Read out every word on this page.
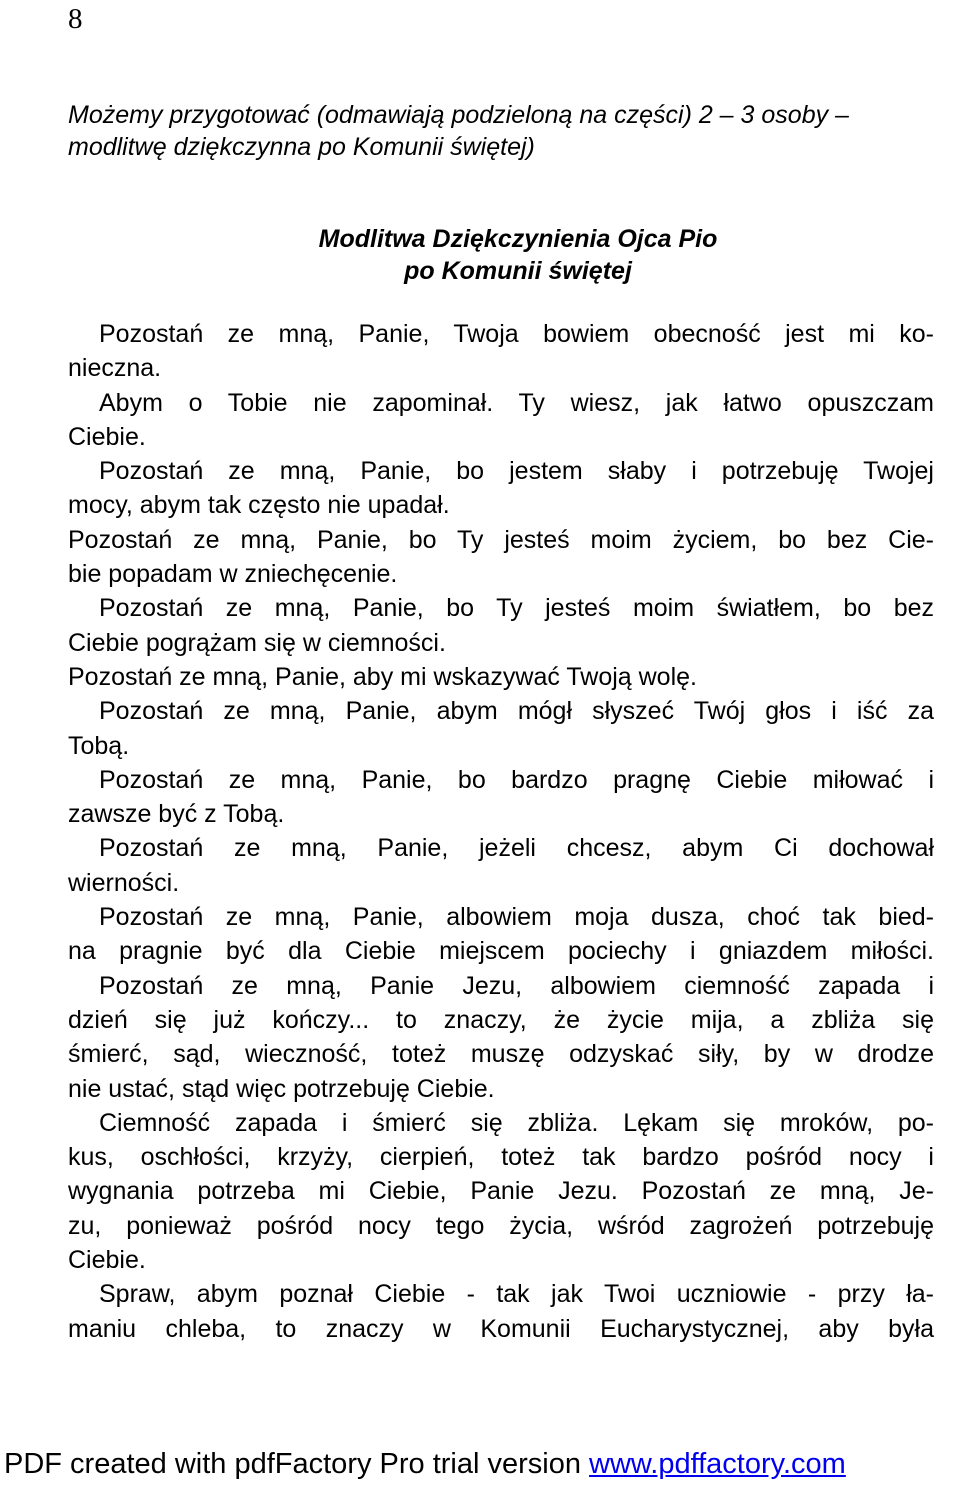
8

Możemy przygotować (odmawiają podzieloną na części) 2 – 3 osoby –
modlitwę dziękczynna po Komunii świętej)

Modlitwa Dziękczynienia Ojca Pio
po Komunii świętej
Pozostań ze mną, Panie, Twoja bowiem obecność jest mi ko-
nieczna.
Abym o Tobie nie zapominał. Ty wiesz, jak łatwo opuszczam
Ciebie.
Pozostań ze mną, Panie, bo jestem słaby i potrzebuję Twojej
mocy, abym tak często nie upadał.
Pozostań ze mną, Panie, bo Ty jesteś moim życiem, bo bez Cie-
bie popadam w zniechęcenie.
Pozostań ze mną, Panie, bo Ty jesteś moim światłem, bo bez
Ciebie pogrążam się w ciemności.
Pozostań ze mną, Panie, aby mi wskazywać Twoją wolę.
Pozostań ze mną, Panie, abym mógł słyszeć Twój głos i iść za
Tobą.
Pozostań ze mną, Panie, bo bardzo pragnę Ciebie miłować i
zawsze być z Tobą.
Pozostań ze mną, Panie, jeżeli chcesz, abym Ci dochował
wierności.
Pozostań ze mną, Panie, albowiem moja dusza, choć tak bied-
na pragnie być dla Ciebie miejscem pociechy i gniazdem miłości.
Pozostań ze mną, Panie Jezu, albowiem ciemność zapada i
dzień się już kończy... to znaczy, że życie mija, a zbliża się
śmierć, sąd, wieczność, toteż muszę odzyskać siły, by w drodze
nie ustać, stąd więc potrzebuję Ciebie.
Ciemność zapada i śmierć się zbliża. Lękam się mroków, po-
kus, oschłości, krzyży, cierpień, toteż tak bardzo pośród nocy i
wygnania potrzeba mi Ciebie, Panie Jezu. Pozostań ze mną, Je-
zu, ponieważ pośród nocy tego życia, wśród zagrożeń potrzebuję
Ciebie.
Spraw, abym poznał Ciebie - tak jak Twoi uczniowie - przy ła-
maniu chleba, to znaczy w Komunii Eucharystycznej, aby była
PDF created with pdfFactory Pro trial version www.pdffactory.com
